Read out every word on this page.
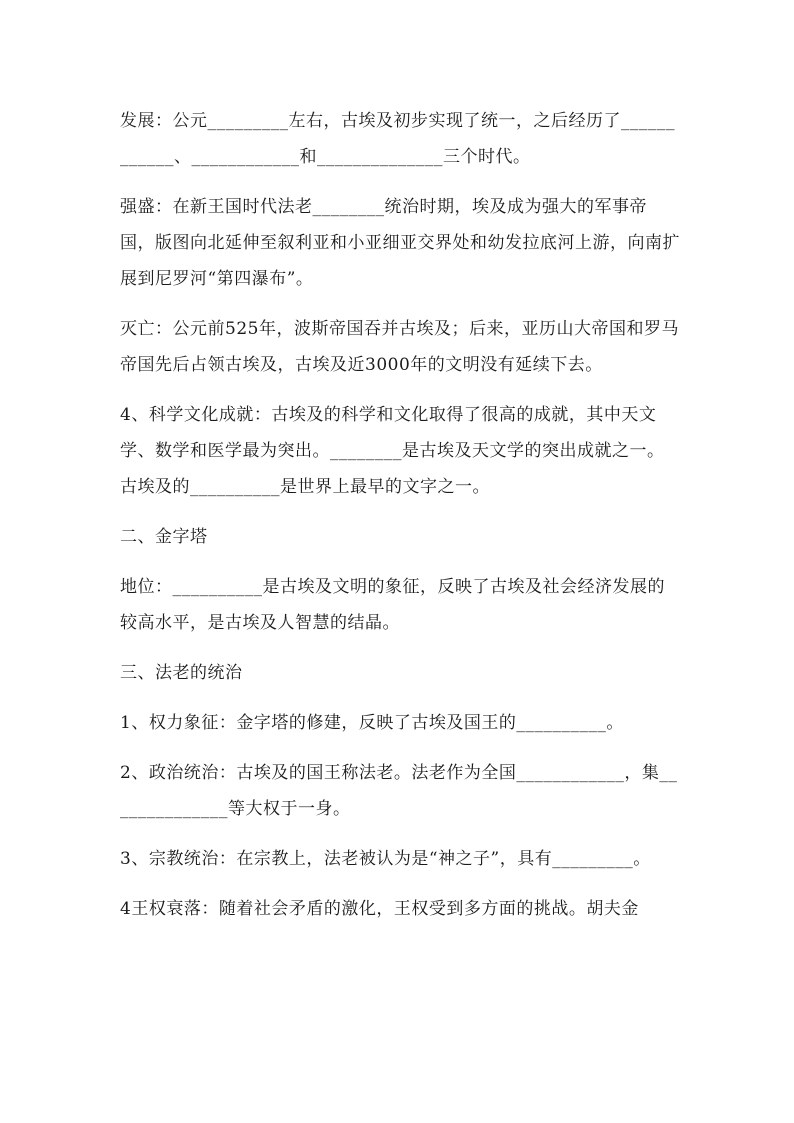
发展：公元_________左右，古埃及初步实现了统一，之后经历了____________、____________和______________三个时代。

强盛：在新王国时代法老________统治时期，埃及成为强大的军事帝国，版图向北延伸至叙利亚和小亚细亚交界处和幼发拉底河上游，向南扩展到尼罗河“第四瀑布”。

灭亡：公元前525年，波斯帝国吞并古埃及；后来，亚历山大帝国和罗马帝国先后占领古埃及，古埃及近3000年的文明没有延续下去。

4、科学文化成就：古埃及的科学和文化取得了很高的成就，其中天文学、数学和医学最为突出。________是古埃及天文学的突出成就之一。古埃及的__________是世界上最早的文字之一。

二、金字塔

地位：__________是古埃及文明的象征，反映了古埃及社会经济发展的较高水平，是古埃及人智慧的结晶。

三、法老的统治

1、权力象征：金字塔的修建，反映了古埃及国王的__________。

2、政治统治：古埃及的国王称法老。法老作为全国____________，集______________等大权于一身。

3、宗教统治：在宗教上，法老被认为是“神之子”，具有_________。

4王权衰落：随着社会矛盾的激化，王权受到多方面的挑战。胡夫金
